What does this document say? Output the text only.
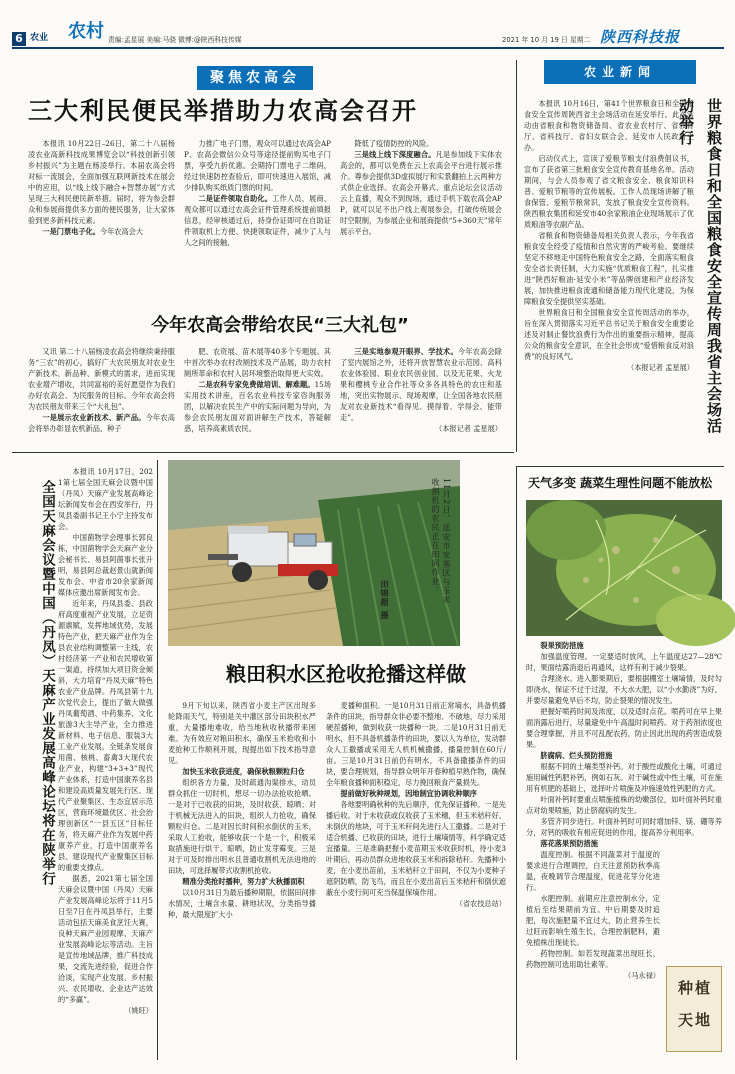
6 农业 农村 责编:孟星展 美编:马骁 微博:@陕西科技传媒	2021 年 10 月 19 日 星期二 陕西科技报
聚焦农高会
三大利民便民举措助力农高会召开

本报讯 10月22日–26日，第二十八届杨凌农业高新科技成果博览会以“科技创新引领乡村振兴”为主题在杨凌举行。本届农高会将对标一流展会，全面加强互联网新技术在展会中的应用，以“线上线下融合+智慧办展”方式呈现三大利民便民新举措。届时，将为参会群众和参展商提供多方面的便民服务，让大家体验到更多新科技元素。

一是门票电子化。今年农高会大

力推广电子门票，观众可以通过农高会APP、农高会微信公众号等途径提前购买电子门票，享受九折优惠。会期持门票电子二维码，经过快速防控查验后，即可快速进入展馆，减少排队购买纸质门票的时间。

二是证件领取自助化。工作人员、展商、观众都可以通过农高会证件管理系统提前填报信息，经审核通过后，持身份证即可在自助证件领取机上方便、快捷领取证件，减少了人与人之间的接触，

降低了疫情防控的风险。

三是线上线下深度融合。凡是参加线下实体农高会的，都可以免费在云上农高会平台进行展示推介。尊参会提供3D虚拟展厅和实景翻拍上云两种方式供企业选择。农高会开幕式、重点论坛会议活动云上直播，观众不到现场，通过手机下载农高会APP，就可以足不出户线上观展参会，打破传统展会时空限制，为参展企业和展商提供“5+360天”常年展示平台。

今年农高会带给农民“三大礼包”

又讯 第二十八届杨凌农高会将继续秉持服务“三农”的初心，搞好广大农民朋友对农业生产新技术、新品种、新模式的需求，进而实现农业增产增收，共同富裕的美好愿望作为我们办好农高会、为民服务的目标。今年农高会将为农民朋友带来三个“大礼包”。

一是展示农业新技术、新产品。今年农高会将举办彰显农机新品、种子

肥、农资展、苗木展等40多个专题展。其中首次举办农村改厕技术及产品展，助力农村厕所革命和农村人居环境整治取得更大实效。

二是农科专家免费做培训、解难题。15场实用技术讲座，百名农业科技专家咨询服务团，以解决农民生产中的实际问题为导向，为参会农民朋友面对面讲解生产技术，答疑解惑，培养高素质农民。

三是实地参观开眼界、学技术。今年农高会除了室内展馆之外，还将开放智慧农业示范园、高科农业体验园、职业农民创业园，以及无花果、火龙果和樱桃专业合作社等众多各具特色的农庄和基地，突出实物展示、现场观摩，让全国各地农民朋友对农业新技术“看得见、摸得着、学得会、能带走”。

（本报记者 孟星展）

农业新闻

本报讯 10月16日，第41个世界粮食日和全国粮食安全宣传周陕西省主会场活动在延安举行。此次活动由省粮食和物资储备局、省农业农村厅、省教育厅、省科技厅、省妇女联合会、延安市人民政府主办。

启动仪式上，宣读了爱粮节粮支付浪费倡议书，宣布了获省第三批粮食安全宣传教育基地名单。活动期间，与会人员参观了省文粮食安全、粮食知识科普、爱粮节粮等的宣传展板。工作人员现场讲解了粮食保管、爱粮节粮常识，发放了粮食安全宣传资料。陕西粮农集团和延安市40余家粮油企业现场展示了优质粮油等农副产品。

省粮食和物资储备局相关负责人表示，今年我省粮食安全经受了疫情和自然灾害的严峻考验。要继续坚定不移地走中国特色粮食安全之路，全面落实粮食安全省长责任制，大力实施“优质粮食工程”，扎实推进“陕西好粮油·延安小米”等品牌创建和产业经济发展，加快推进粮食流通和储备能力现代化建设，为保障粮食安全提供坚实基础。

世界粮食日和全国粮食安全宣传周活动的举办，旨在深入贯彻落实习近平总书记关于粮食安全重要论述及对制止餐饮浪费行为作出的重要指示精神，提高公众的粮食安全意识，在全社会形成“爱惜粮食反对浪费”的良好风气。

（本报记者 孟星展） 世界粮食日和全国粮食安全宣传周我省主会场活动举行
全国天麻会议暨中国（丹凤）天麻产业发展高峰论坛将在陕举行

本报讯 10月17日，2021第七届全国天麻会议暨中国（丹凤）天麻产业发展高峰论坛新闻发布会在西安举行，丹凤县委副书记王小宁主持发布会。

中国菌物学会理事长郭良栋，中国菌物学会天麻产业分会秘书长、易县阿菌事长张升明，易县阿总裁赵景山就新闻发布会、中省市20余家新闻媒体应邀出席新闻发布会。

近年来，丹凤县委、县政府高度重视产业发展，立足资源禀赋，发挥地域优势，发展特色产业，把天麻产业作为全县农业结构调整第一主线，农村经济第一产业和农民增收第一渠道，持续加大项目资金倾斜，大力培育“丹凤天麻”特色农业产业品牌。丹凤县第十九次党代会上，提出了做大做强丹凤葡萄酒、中药集养、文化旅游3大主导产业，全力推进新材料、电子信息、服装3大工业产业发展，全链条发展食用菌、核桃、畜禽3大现代农业产业，构建“3+3+3”现代产业体系，打造中国康养名县和建设高质量发展先行区、现代产业聚集区、生态宜居示范区，营商环境最优区、社会治理创新区“一县五区”目标任务，将天麻产业作为发展中药康养产业，打造中国康养名县、建设现代产业聚集区目标的重要支撑点。

据悉，2021第七届全国天麻会议暨中国（丹凤）天麻产业发展高峰论坛将于11月5日至7日在丹凤县举行，主要活动包括天麻美食烹饪大赛，良种天麻产业园观摩、天麻产业发展高峰论坛等活动。主旨是宣传地域品牌，推广科技成果，交流先进经验，促进合作洽谈，实现产业发展、乡村振兴、农民增收、企业达产达效的“多赢”。

（姚旺）

11月2日，延安市安塞区与玉米收割机的农民正在田间作业。
田锦超 摄
粮田积水区抢收抢播这样做

9月下旬以来，陕西省小麦主产区出现多轮降雨天气，特别是关中灌区部分田块积水严重，大量播地难收，给当地秋收秋播带来困难。为有效应对粮田积水，确保玉米抢收和小麦抢种工作顺利开展，现提出如下技术指导意见。

加快玉米收获进度，确保秋粮颗粒归仓

组织各方力量，及时疏通沟渠排水，动员群众抓住一切时机，想尽一切办法抢收抢晒。一是对于已收获的田块，及时收获、晾晒；对于机械无法进入的田块，组织人力抢收，确保颗粒归仓。二是对因长时间积水倒伏的玉米，采取人工抢收，能够收获一个是一个，积极采取措施进行烘干、晾晒，防止发芽霉变。三是对于可及时排出明水且普通收割机无法进地的田块，可选择履带式收割机抢收。

精准分类抢时播种，努力扩大秋播面积

以10月31日为最后播种期限，依据田间排水情况，土壤含水量、耕地状况，分类指导播种，最大限度扩大小

麦播种面积。一是10月31日前正常墒水，具备机播条件的田块，指导群众非必要不整地、不破地，尽力采用硬茬播种，做到收获一块播种一块。二是10月31日前无明水，但不具备机播条件的田块，要以人为单位，发动群众人工撒播或采用无人机机械撒播，播量控制在60斤/亩。三是10月31日前仍有明水，不具备撒播条件的田块，要合理规划，指导群众明年开春种植早熟作物，确保全年粮食播种面积稳定，尽力挽回粮食产量损失。

提前做好秋种规划，因地制宜协调收种顺序

各地要明确秋种的先后顺序，优先保证播种。一是先播后收。对于未收获或仅收获了玉米穗，但玉米秸秆好、未倒伏的地块，可于玉米秆间先进行人工撒播。二是对于适合机播、已收获的田块，进行土壤墒情等，科学确定适宜播量。三是准确把握小麦苗期玉米收获时机，待小麦3叶期后，再动员群众进地收获玉米和拆除秸秆。先播种小麦，在小麦出苗前，玉米秸秆立于田间，不仅为小麦种子遮阴防晒，防飞鸟，而且在小麦出苗后玉米秸秆和倒伏遮蔽在小麦行间可充当保温保墒作用。

（省农技总站）

天气多变 蔬菜生理性问题不能放松

裂果预防措施

加强温度管理。一定要适时放风，上午温度达27—28℃时，果面结露消退后再通风，这样有利于减少裂果。

合理浇水。进入膨果期后，要根据棚室土壤墒情，及时勾即浇水，保证不过于过湿，不大水大肥，以“小水勤浇”为好，并要尽量避免旱后不均，防止裂果的情况发生。

把握好喷药时间及浓度，以及适时点花。喷药可在早上果面消露后进行，尽量避免中午高温时间喷药。对于药剂浓度也要合理掌握，并且不可乱配农药，防止因此出现的药害造成裂果。

脐腐病、烂头预防措施

根据不同的土壤类型补钙。对于酸性或酸化土壤，可通过施用碱性钙肥补钙，例如石灰。对于碱性或中性土壤，可在施用有机肥的基础上，选择叶片喷施及冲施速效性钙肥的方式。

叶面补钙时要重点喷施植株的幼嫩部位，如叶面补钙时重点对幼果喷施，防止脐腐病的发生。

多管齐同步进行。叶面补钙时可同时增加锌、镁、硼等养分，对钙的吸收有相应促进的作用，提高养分利用率。

落花落果预防措施

温度控制。根据不同蔬菜对于温度的要求进行合理调控，白天注意预防秋季高温，夜晚调节合理温度，促进花芽分化进行。

水肥控制。前期应注意控制水分，定植后至结果期前为宜。中后期要及时追肥，每次施肥量不宜过大，防止营养生长过旺而影响生殖生长，合理控制肥料，避免植株出现徒长。

药物控制。如若发现蔬菜出现旺长，药物控制可选用助壮素等。

（马永禄）

种植
天地
